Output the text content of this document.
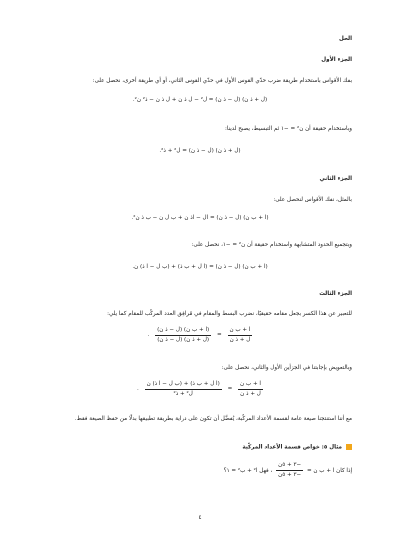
الحل
الجزء الأول
بفك الأقواس باستخدام طريقة ضرب حدّي القوس الأول في حدّي القوس الثاني، أو أي طريقة أخرى، نحصل على:
(ل + ذ ن) (ل − ذ ن) = ل² − ل ذ ن + ل ذ ن − ذ² ن².
وباستخدام حقيقة أن ن² = −١ ثم التبسيط، يصبح لدينا:
(ل + ذ ن) (ل − ذ ن) = ل² + ذ².
الجزء الثاني
بالمثل، نفك الأقواس لنحصل على:
(ا + ب ن) (ل − ذ ن) = ال − اذ ن + ب ل ن − ب ذ ن².
وبتجميع الحدود المتشابهة واستخدام حقيقة أن ن² = −١، نحصل على:
(ا + ب ن) (ل − ذ ن) = (ا ل + ب ذ) + (ب ل − ا ذ) ن.
الجزء الثالث
للتعبير عن هذا الكسر بجعل مقامه حقيقيًا، نضرب البسط والمقام في مُرافِق العدد المركّب للمقام كما يلي:
$\frac{\text{ا + ب ن}}{\text{ل + ذ ن}}$
=
$\frac{\text{(ا + ب ن) (ل − ذ ن)}}{\text{(ل + ذ ن) (ل − ذ ن)}}$
.
وبالتعويض بإجابتنا في الجزأين الأول والثاني، نحصل على:
$\frac{\text{ا + ب ن}}{\text{ل + ذ ن}}$
=
$\frac{\text{(ا ل + ب ذ) + (ب ل − ا ذ) ن}}{\text{ل² + ذ²}}$
.
مع أننا استنتجنا صيغة عامة لقسمة الأعداد المركّبة، يُفضَّل أن تكون على دراية بطريقة تطبيقها بدلًا من حفظ الصيغة فقط.
مثال ٥: خواص قسمة الأعداد المركّبة
إذا كان ا + ب ن =
$\frac{\text{−٣ + ٥ن}}{\text{−٣ + ٥ن}}$
، فهل ا² + ب² = ١؟
٤
